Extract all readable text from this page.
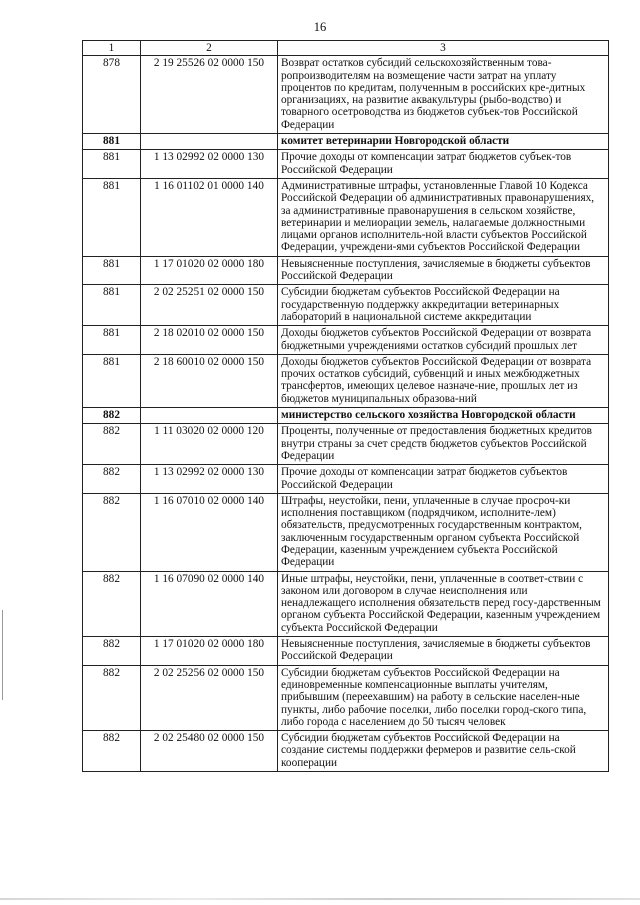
16
1	2	3
878	2 19 25526 02 0000 150	Возврат остатков субсидий сельскохозяйственным това-ропроизводителям на возмещение части затрат на уплату процентов по кредитам, полученным в российских кре-дитных организациях, на развитие аквакультуры (рыбо-водство) и товарного осетроводства из бюджетов субъек-тов Российской Федерации
881		комитет ветеринарии Новгородской области
881	1 13 02992 02 0000 130	Прочие доходы от компенсации затрат бюджетов субъек-тов Российской Федерации
881	1 16 01102 01 0000 140	Административные штрафы, установленные Главой 10 Кодекса Российской Федерации об административных правонарушениях, за административные правонарушения в сельском хозяйстве, ветеринарии и мелиорации земель, налагаемые должностными лицами органов исполнитель-ной власти субъектов Российской Федерации, учреждени-ями субъектов Российской Федерации
881	1 17 01020 02 0000 180	Невыясненные поступления, зачисляемые в бюджеты субъектов Российской Федерации
881	2 02 25251 02 0000 150	Субсидии бюджетам субъектов Российской Федерации на государственную поддержку аккредитации ветеринарных лабораторий в национальной системе аккредитации
881	2 18 02010 02 0000 150	Доходы бюджетов субъектов Российской Федерации от возврата бюджетными учреждениями остатков субсидий прошлых лет
881	2 18 60010 02 0000 150	Доходы бюджетов субъектов Российской Федерации от возврата прочих остатков субсидий, субвенций и иных межбюджетных трансфертов, имеющих целевое назначе-ние, прошлых лет из бюджетов муниципальных образова-ний
882		министерство сельского хозяйства Новгородской области
882	1 11 03020 02 0000 120	Проценты, полученные от предоставления бюджетных кредитов внутри страны за счет средств бюджетов субъектов Российской Федерации
882	1 13 02992 02 0000 130	Прочие доходы от компенсации затрат бюджетов субъектов Российской Федерации
882	1 16 07010 02 0000 140	Штрафы, неустойки, пени, уплаченные в случае просроч-ки исполнения поставщиком (подрядчиком, исполните-лем) обязательств, предусмотренных государственным контрактом, заключенным государственным органом субъекта Российской Федерации, казенным учреждением субъекта Российской Федерации
882	1 16 07090 02 0000 140	Иные штрафы, неустойки, пени, уплаченные в соответ-ствии с законом или договором в случае неисполнения или ненадлежащего исполнения обязательств перед госу-дарственным органом субъекта Российской Федерации, казенным учреждением субъекта Российской Федерации
882	1 17 01020 02 0000 180	Невыясненные поступления, зачисляемые в бюджеты субъектов Российской Федерации
882	2 02 25256 02 0000 150	Субсидии бюджетам субъектов Российской Федерации на единовременные компенсационные выплаты учителям, прибывшим (переехавшим) на работу в сельские населен-ные пункты, либо рабочие поселки, либо поселки город-ского типа, либо города с населением до 50 тысяч человек
882	2 02 25480 02 0000 150	Субсидии бюджетам субъектов Российской Федерации на создание системы поддержки фермеров и развитие сель-ской кооперации
